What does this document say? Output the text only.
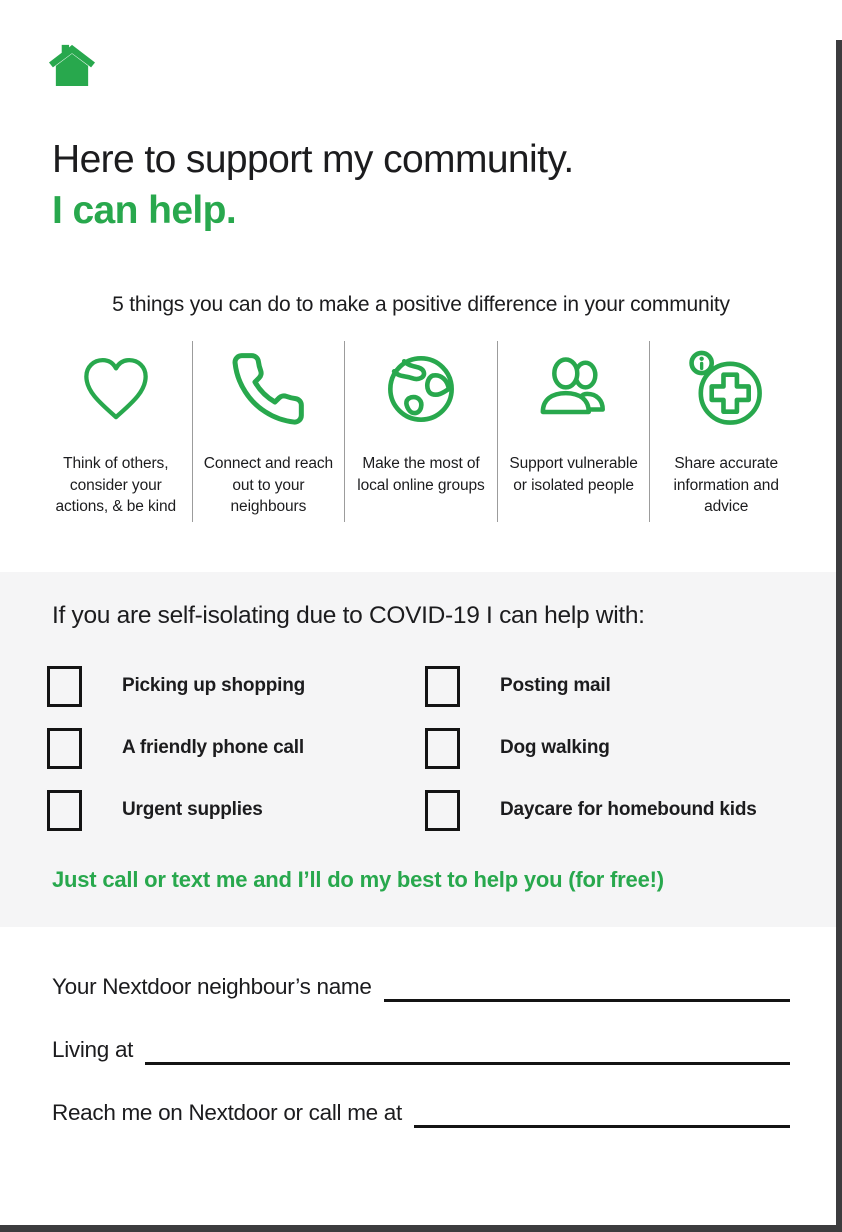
Here to support my community.
I can help.

5 things you can do to make a positive difference in your community

Think of others, consider your actions, & be kind
Connect and reach out to your neighbours
Make the most of local online groups
Support vulnerable or isolated people
Share accurate information and advice
If you are self-isolating due to COVID-19 I can help with:
Picking up shopping
A friendly phone call
Urgent supplies
Posting mail
Dog walking
Daycare for homebound kids

Just call or text me and I’ll do my best to help you (for free!)

Your Nextdoor neighbour’s name
Living at
Reach me on Nextdoor or call me at
